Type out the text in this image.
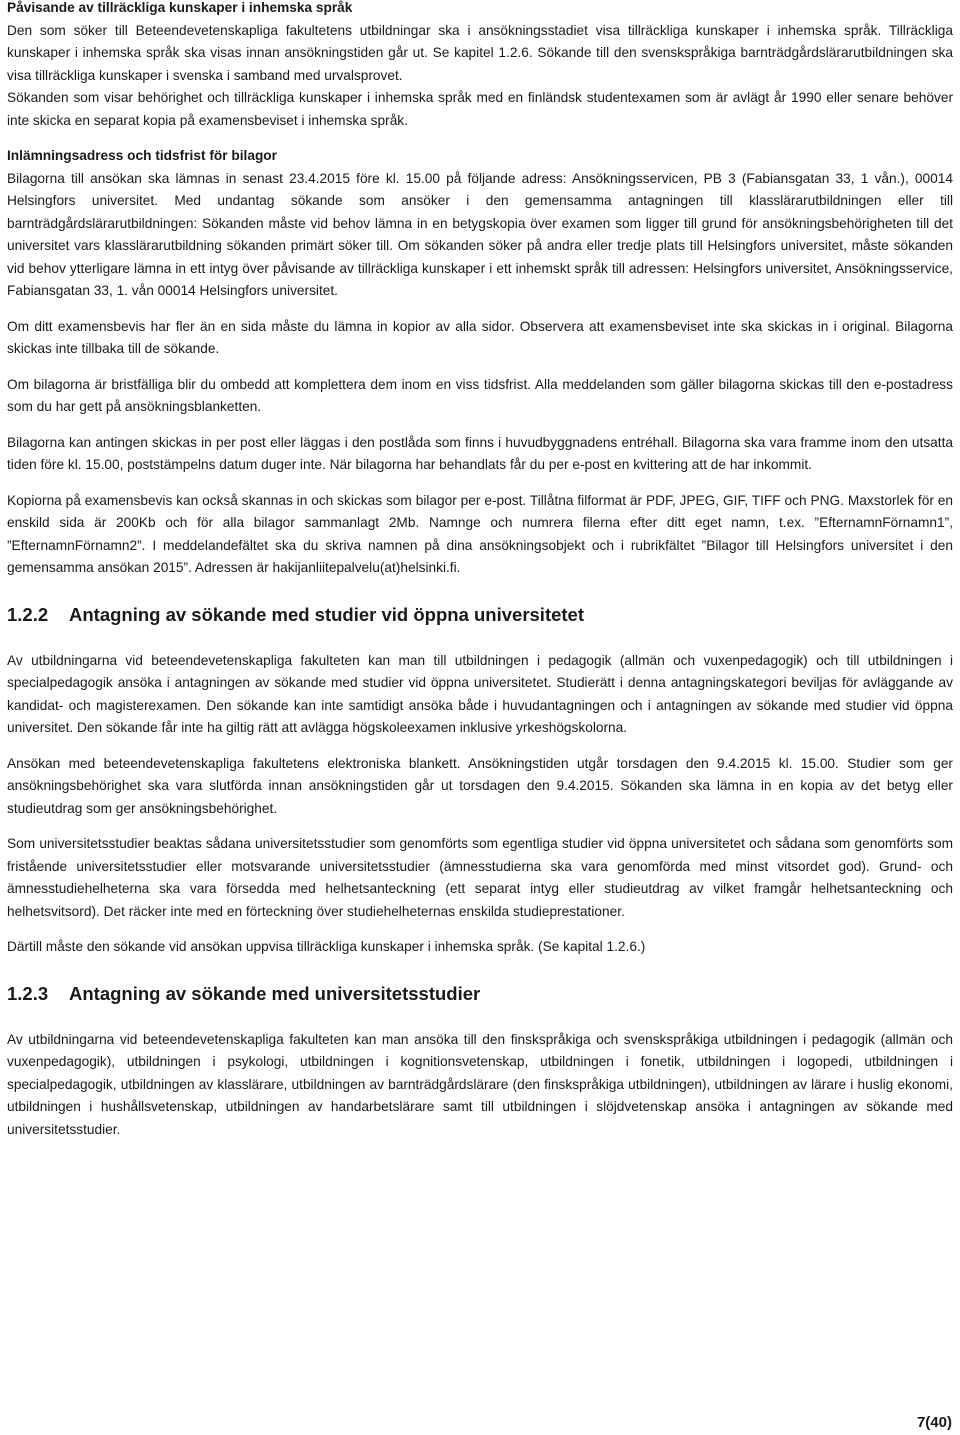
Påvisande av tillräckliga kunskaper i inhemska språk

Den som söker till Beteendevetenskapliga fakultetens utbildningar ska i ansökningsstadiet visa tillräckliga kunskaper i inhemska språk. Tillräckliga kunskaper i inhemska språk ska visas innan ansökningstiden går ut. Se kapitel 1.2.6. Sökande till den svenskspråkiga barnträdgårdslärarutbildningen ska visa tillräckliga kunskaper i svenska i samband med urvalsprovet.

Sökanden som visar behörighet och tillräckliga kunskaper i inhemska språk med en finländsk studentexamen som är avlägt år 1990 eller senare behöver inte skicka en separat kopia på examensbeviset i inhemska språk.

Inlämningsadress och tidsfrist för bilagor

Bilagorna till ansökan ska lämnas in senast 23.4.2015 före kl. 15.00 på följande adress: Ansökningsservicen, PB 3 (Fabiansgatan 33, 1 vån.), 00014 Helsingfors universitet. Med undantag sökande som ansöker i den gemensamma antagningen till klasslärarutbildningen eller till barnträdgårdslärarutbildningen: Sökanden måste vid behov lämna in en betygskopia över examen som ligger till grund för ansökningsbehörigheten till det universitet vars klasslärarutbildning sökanden primärt söker till. Om sökanden söker på andra eller tredje plats till Helsingfors universitet, måste sökanden vid behov ytterligare lämna in ett intyg över påvisande av tillräckliga kunskaper i ett inhemskt språk till adressen: Helsingfors universitet, Ansökningsservice, Fabiansgatan 33, 1. vån 00014 Helsingfors universitet.

Om ditt examensbevis har fler än en sida måste du lämna in kopior av alla sidor. Observera att examensbeviset inte ska skickas in i original. Bilagorna skickas inte tillbaka till de sökande.

Om bilagorna är bristfälliga blir du ombedd att komplettera dem inom en viss tidsfrist. Alla meddelanden som gäller bilagorna skickas till den e-postadress som du har gett på ansökningsblanketten.

Bilagorna kan antingen skickas in per post eller läggas i den postlåda som finns i huvudbyggnadens entréhall. Bilagorna ska vara framme inom den utsatta tiden före kl. 15.00, poststämpelns datum duger inte. När bilagorna har behandlats får du per e-post en kvittering att de har inkommit.

Kopiorna på examensbevis kan också skannas in och skickas som bilagor per e-post. Tillåtna filformat är PDF, JPEG, GIF, TIFF och PNG. Maxstorlek för en enskild sida är 200Kb och för alla bilagor sammanlagt 2Mb. Namnge och numrera filerna efter ditt eget namn, t.ex. ”EfternamnFörnamn1”, ”EfternamnFörnamn2”. I meddelandefältet ska du skriva namnen på dina ansökningsobjekt och i rubrikfältet ”Bilagor till Helsingfors universitet i den gemensamma ansökan 2015”. Adressen är hakijanliitepalvelu(at)helsinki.fi.

1.2.2	Antagning av sökande med studier vid öppna universitetet

Av utbildningarna vid beteendevetenskapliga fakulteten kan man till utbildningen i pedagogik (allmän och vuxenpedagogik) och till utbildningen i specialpedagogik ansöka i antagningen av sökande med studier vid öppna universitetet. Studierätt i denna antagningskategori beviljas för avläggande av kandidat- och magisterexamen. Den sökande kan inte samtidigt ansöka både i huvudantagningen och i antagningen av sökande med studier vid öppna universitet. Den sökande får inte ha giltig rätt att avlägga högskoleexamen inklusive yrkeshögskolorna.

Ansökan med beteendevetenskapliga fakultetens elektroniska blankett. Ansökningstiden utgår torsdagen den 9.4.2015 kl. 15.00. Studier som ger ansökningsbehörighet ska vara slutförda innan ansökningstiden går ut torsdagen den 9.4.2015. Sökanden ska lämna in en kopia av det betyg eller studieutdrag som ger ansökningsbehörighet.

Som universitetsstudier beaktas sådana universitetsstudier som genomförts som egentliga studier vid öppna universitetet och sådana som genomförts som fristående universitetsstudier eller motsvarande universitetsstudier (ämnesstudierna ska vara genomförda med minst vitsordet god). Grund- och ämnesstudiehelheterna ska vara försedda med helhetsanteckning (ett separat intyg eller studieutdrag av vilket framgår helhetsanteckning och helhetsvitsord). Det räcker inte med en förteckning över studiehelheternas enskilda studieprestationer.

Därtill måste den sökande vid ansökan uppvisa tillräckliga kunskaper i inhemska språk. (Se kapital 1.2.6.)

1.2.3	Antagning av sökande med universitetsstudier

Av utbildningarna vid beteendevetenskapliga fakulteten kan man ansöka till den finskspråkiga och svenskspråkiga utbildningen i pedagogik (allmän och vuxenpedagogik), utbildningen i psykologi, utbildningen i kognitionsvetenskap, utbildningen i fonetik, utbildningen i logopedi, utbildningen i specialpedagogik, utbildningen av klasslärare, utbildningen av barnträdgårdslärare (den finskspråkiga utbildningen), utbildningen av lärare i huslig ekonomi, utbildningen i hushållsvetenskap, utbildningen av handarbetslärare samt till utbildningen i slöjdvetenskap ansöka i antagningen av sökande med universitetsstudier.

7(40)
